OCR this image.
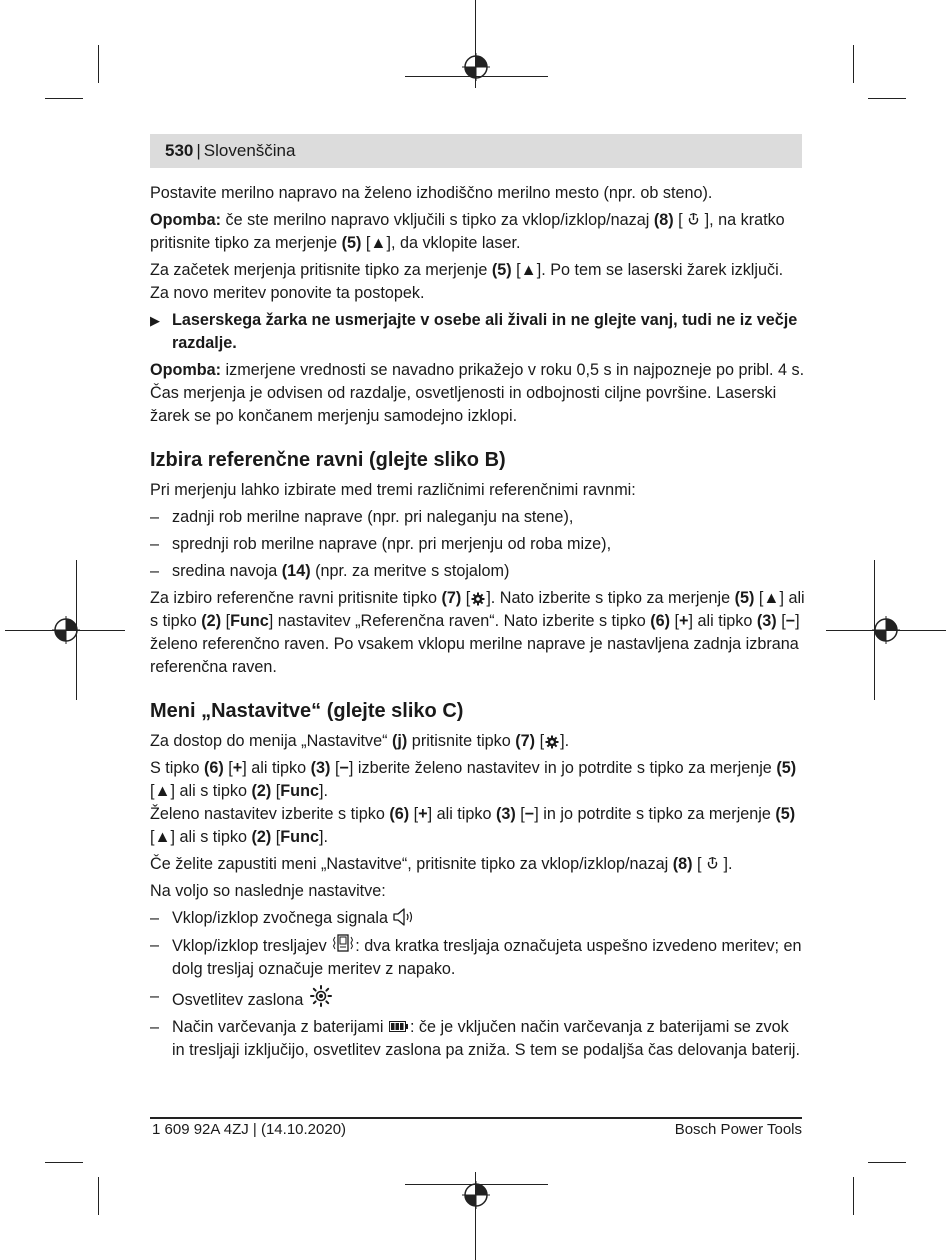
530 | Slovenščina

Postavite merilno napravo na želeno izhodiščno merilno mesto (npr. ob steno).

Opomba: če ste merilno napravo vključili s tipko za vklop/izklop/nazaj (8) [  ], na kratko pritisnite tipko za merjenje (5) [▲], da vklopite laser.

Za začetek merjenja pritisnite tipko za merjenje (5) [▲]. Po tem se laserski žarek izključi. Za novo meritev ponovite ta postopek.

▶ Laserskega žarka ne usmerjajte v osebe ali živali in ne glejte vanj, tudi ne iz večje razdalje.

Opomba: izmerjene vrednosti se navadno prikažejo v roku 0,5 s in najpozneje po pribl. 4 s. Čas merjenja je odvisen od razdalje, osvetljenosti in odbojnosti ciljne površine. Laserski žarek se po končanem merjenju samodejno izklopi.

Izbira referenčne ravni (glejte sliko B)

Pri merjenju lahko izbirate med tremi različnimi referenčnimi ravnmi:

– zadnji rob merilne naprave (npr. pri naleganju na stene),
– sprednji rob merilne naprave (npr. pri merjenju od roba mize),
– sredina navoja (14) (npr. za meritve s stojalom)

Za izbiro referenčne ravni pritisnite tipko (7) [ ]. Nato izberite s tipko za merjenje (5) [▲] ali s tipko (2) [Func] nastavitev „Referenčna raven“. Nato izberite s tipko (6) [+] ali tipko (3) [−] želeno referenčno raven. Po vsakem vklopu merilne naprave je nastavljena zadnja izbrana referenčna raven.

Meni „Nastavitve“ (glejte sliko C)

Za dostop do menija „Nastavitve“ (j) pritisnite tipko (7) [ ].

S tipko (6) [+] ali tipko (3) [−] izberite želeno nastavitev in jo potrdite s tipko za merjenje (5) [▲] ali s tipko (2) [Func].

Želeno nastavitev izberite s tipko (6) [+] ali tipko (3) [−] in jo potrdite s tipko za merjenje (5) [▲] ali s tipko (2) [Func].

Če želite zapustiti meni „Nastavitve“, pritisnite tipko za vklop/izklop/nazaj (8) [  ].

Na voljo so naslednje nastavitve:

– Vklop/izklop zvočnega signala
– Vklop/izklop tresljajev : dva kratka tresljaja označujeta uspešno izvedeno meritev; en dolg tresljaj označuje meritev z napako.
– Osvetlitev zaslona
– Način varčevanja z baterijami : če je vključen način varčevanja z baterijami se zvok in tresljaji izključijo, osvetlitev zaslona pa zniža. S tem se podaljša čas delovanja baterij.
1 609 92A 4ZJ | (14.10.2020)	Bosch Power Tools
